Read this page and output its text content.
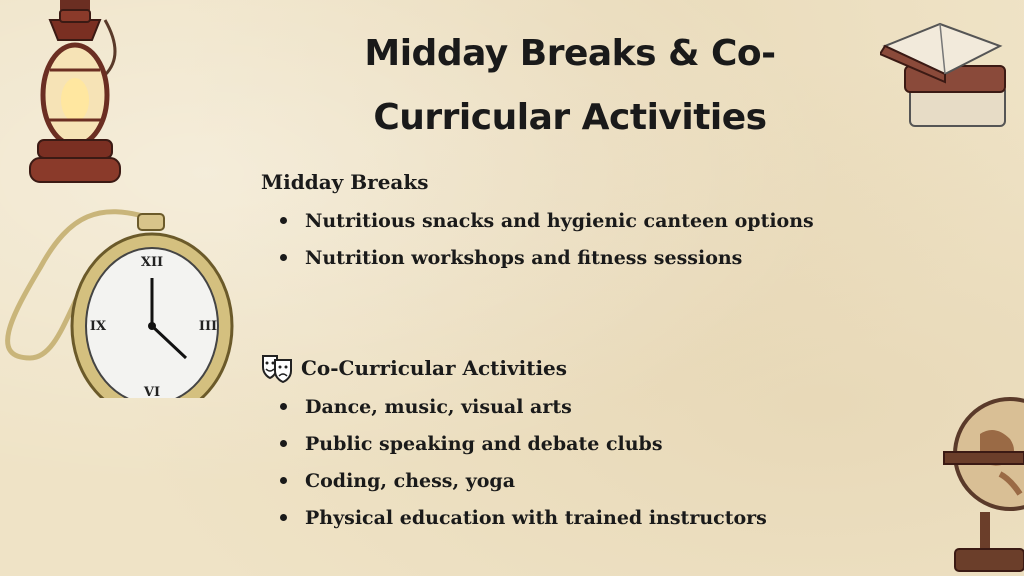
XII
III
VI
IX
Midday Breaks & Co-Curricular Activities
Midday Breaks
Nutritious snacks and hygienic canteen options
Nutrition workshops and fitness sessions
Co-Curricular Activities
Dance, music, visual arts
Public speaking and debate clubs
Coding, chess, yoga
Physical education with trained instructors
